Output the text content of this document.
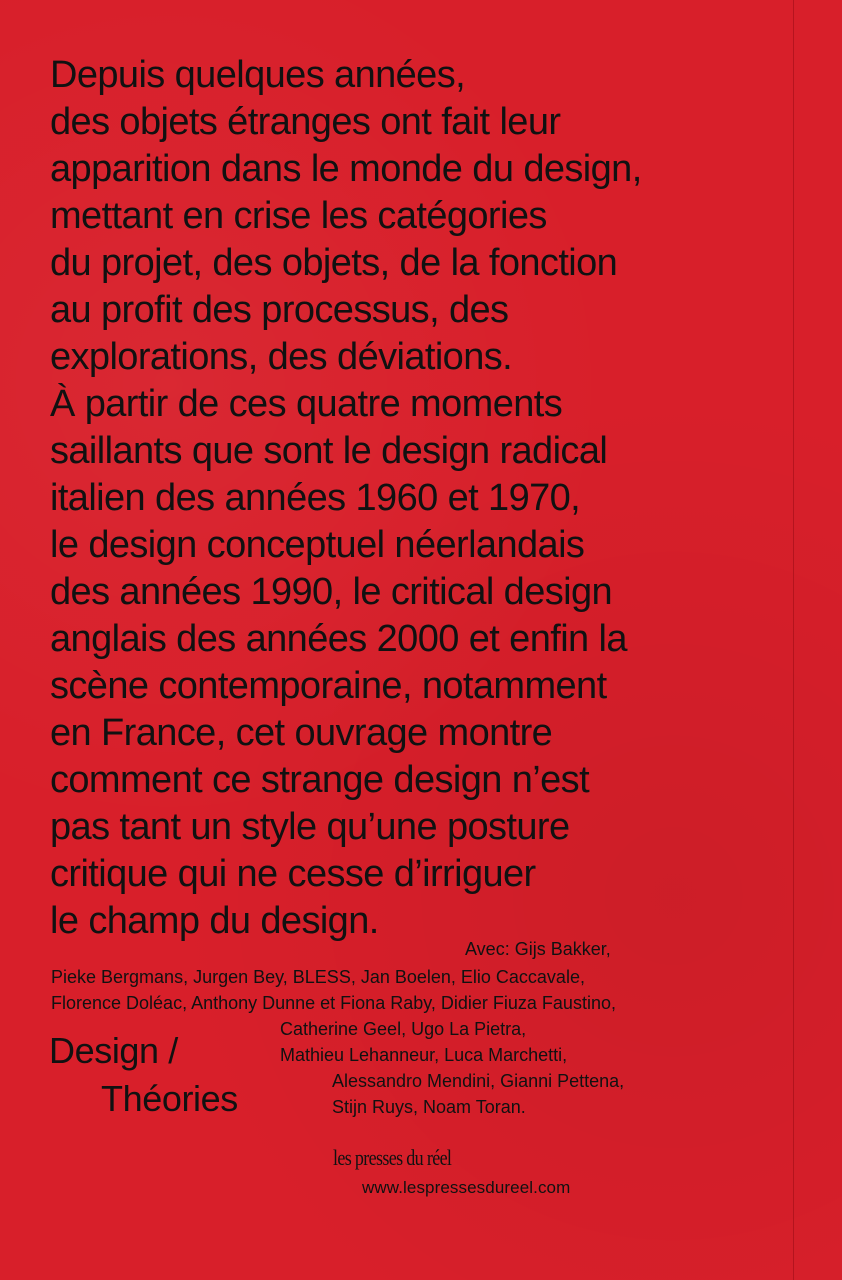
Depuis quelques années,
des objets étranges ont fait leur
apparition dans le monde du design,
mettant en crise les catégories
du projet, des objets, de la fonction
au profit des processus, des
explorations, des déviations.
À partir de ces quatre moments
saillants que sont le design radical
italien des années 1960 et 1970,
le design conceptuel néerlandais
des années 1990, le critical design
anglais des années 2000 et enfin la
scène contemporaine, notamment
en France, cet ouvrage montre
comment ce strange design n’est
pas tant un style qu’une posture
critique qui ne cesse d’irriguer
le champ du design.
Avec: Gijs Bakker,
Pieke Bergmans, Jurgen Bey, BLESS, Jan Boelen, Elio Caccavale,
Florence Doléac, Anthony Dunne et Fiona Raby, Didier Fiuza Faustino,
Catherine Geel, Ugo La Pietra,
Mathieu Lehanneur, Luca Marchetti,
Alessandro Mendini, Gianni Pettena,
Stijn Ruys, Noam Toran.
Design /
Théories
les presses du réel
www.lespressesdureel.com
